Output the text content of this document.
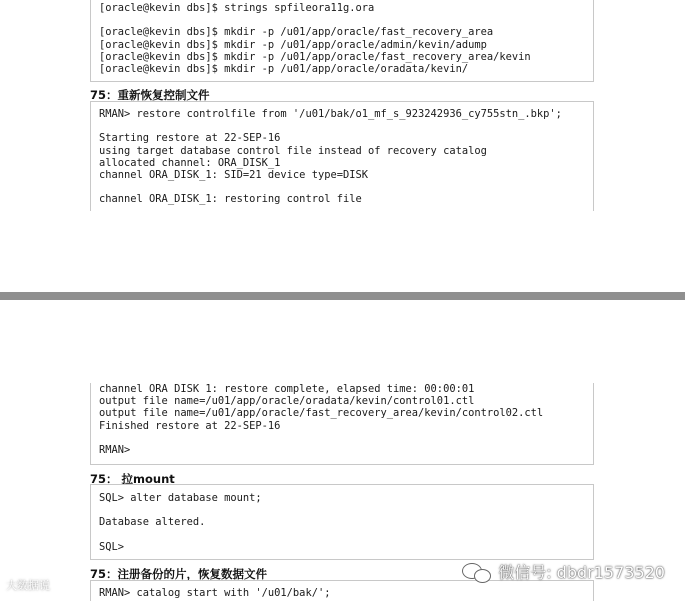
[oracle@kevin dbs]$ strings spfileora11g.ora
[oracle@kevin dbs]$ mkdir -p /u01/app/oracle/fast_recovery_area
[oracle@kevin dbs]$ mkdir -p /u01/app/oracle/admin/kevin/adump
[oracle@kevin dbs]$ mkdir -p /u01/app/oracle/fast_recovery_area/kevin
[oracle@kevin dbs]$ mkdir -p /u01/app/oracle/oradata/kevin/
75：重新恢复控制文件
RMAN> restore controlfile from '/u01/bak/o1_mf_s_923242936_cy755stn_.bkp';
Starting restore at 22-SEP-16
using target database control file instead of recovery catalog
allocated channel: ORA_DISK_1
channel ORA_DISK_1: SID=21 device type=DISK
channel ORA_DISK_1: restoring control file
channel ORA DISK 1: restore complete, elapsed time: 00:00:01
output file name=/u01/app/oracle/oradata/kevin/control01.ctl
output file name=/u01/app/oracle/fast_recovery_area/kevin/control02.ctl
Finished restore at 22-SEP-16
RMAN>
75： 拉mount
SQL> alter database mount;
Database altered.
SQL>
75：注册备份的片，恢复数据文件
RMAN> catalog start with '/u01/bak/';
微信号: dbdr1573520
大数据说
